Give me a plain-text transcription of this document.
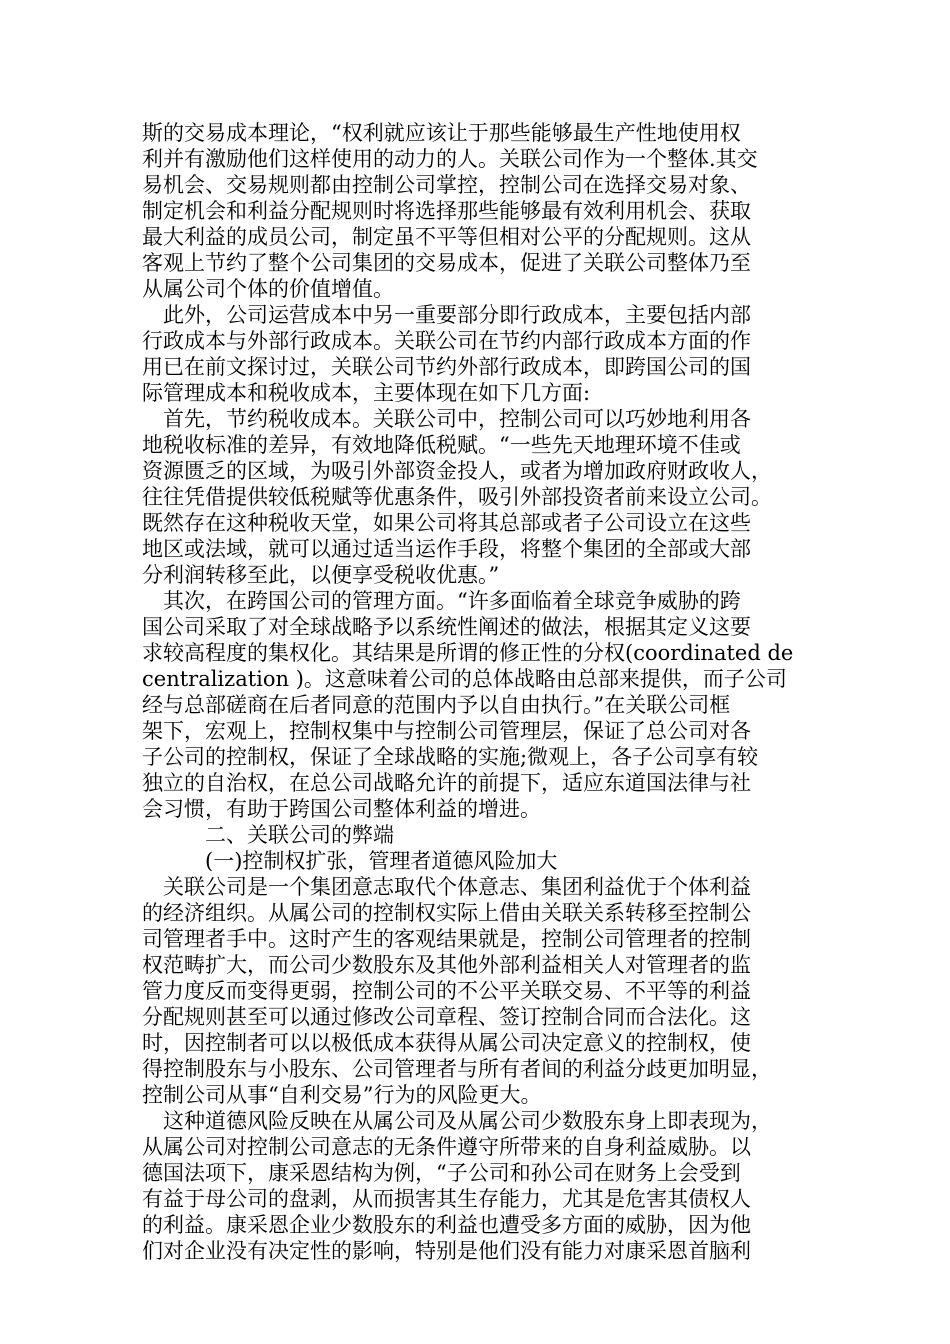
斯的交易成本理论，“权利就应该让于那些能够最生产性地使用权
利并有激励他们这样使用的动力的人。关联公司作为一个整体.其交
易机会、交易规则都由控制公司掌控，控制公司在选择交易对象、
制定机会和利益分配规则时将选择那些能够最有效利用机会、获取
最大利益的成员公司，制定虽不平等但相对公平的分配规则。这从
客观上节约了整个公司集团的交易成本，促进了关联公司整体乃至
从属公司个体的价值增值。
　此外，公司运营成本中另一重要部分即行政成本，主要包括内部
行政成本与外部行政成本。关联公司在节约内部行政成本方面的作
用已在前文探讨过，关联公司节约外部行政成本，即跨国公司的国
际管理成本和税收成本，主要体现在如下几方面:
　首先，节约税收成本。关联公司中，控制公司可以巧妙地利用各
地税收标准的差异，有效地降低税赋。“一些先天地理环境不佳或
资源匮乏的区域，为吸引外部资金投人，或者为增加政府财政收人，
往往凭借提供较低税赋等优惠条件，吸引外部投资者前来设立公司。
既然存在这种税收天堂，如果公司将其总部或者子公司设立在这些
地区或法域，就可以通过适当运作手段，将整个集团的全部或大部
分利润转移至此，以便享受税收优惠。”
　其次，在跨国公司的管理方面。“许多面临着全球竞争威胁的跨
国公司采取了对全球战略予以系统性阐述的做法，根据其定义这要
求较高程度的集权化。其结果是所谓的修正性的分权(coordinated de
centralization )。这意味着公司的总体战略由总部来提供，而子公司
经与总部磋商在后者同意的范围内予以自由执行。”在关联公司框
架下，宏观上，控制权集中与控制公司管理层，保证了总公司对各
子公司的控制权，保证了全球战略的实施;微观上，各子公司享有较
独立的自治权，在总公司战略允许的前提下，适应东道国法律与社
会习惯，有助于跨国公司整体利益的增进。
　　　二、关联公司的弊端
　　　(一)控制权扩张，管理者道德风险加大
　关联公司是一个集团意志取代个体意志、集团利益优于个体利益
的经济组织。从属公司的控制权实际上借由关联关系转移至控制公
司管理者手中。这时产生的客观结果就是，控制公司管理者的控制
权范畴扩大，而公司少数股东及其他外部利益相关人对管理者的监
管力度反而变得更弱，控制公司的不公平关联交易、不平等的利益
分配规则甚至可以通过修改公司章程、签订控制合同而合法化。这
时，因控制者可以以极低成本获得从属公司决定意义的控制权，使
得控制股东与小股东、公司管理者与所有者间的利益分歧更加明显，
控制公司从事“自利交易”行为的风险更大。
　这种道德风险反映在从属公司及从属公司少数股东身上即表现为，
从属公司对控制公司意志的无条件遵守所带来的自身利益威胁。以
德国法项下，康采恩结构为例，“子公司和孙公司在财务上会受到
有益于母公司的盘剥，从而损害其生存能力，尤其是危害其债权人
的利益。康采恩企业少数股东的利益也遭受多方面的威胁，因为他
们对企业没有决定性的影响，特别是他们没有能力对康采恩首脑利
